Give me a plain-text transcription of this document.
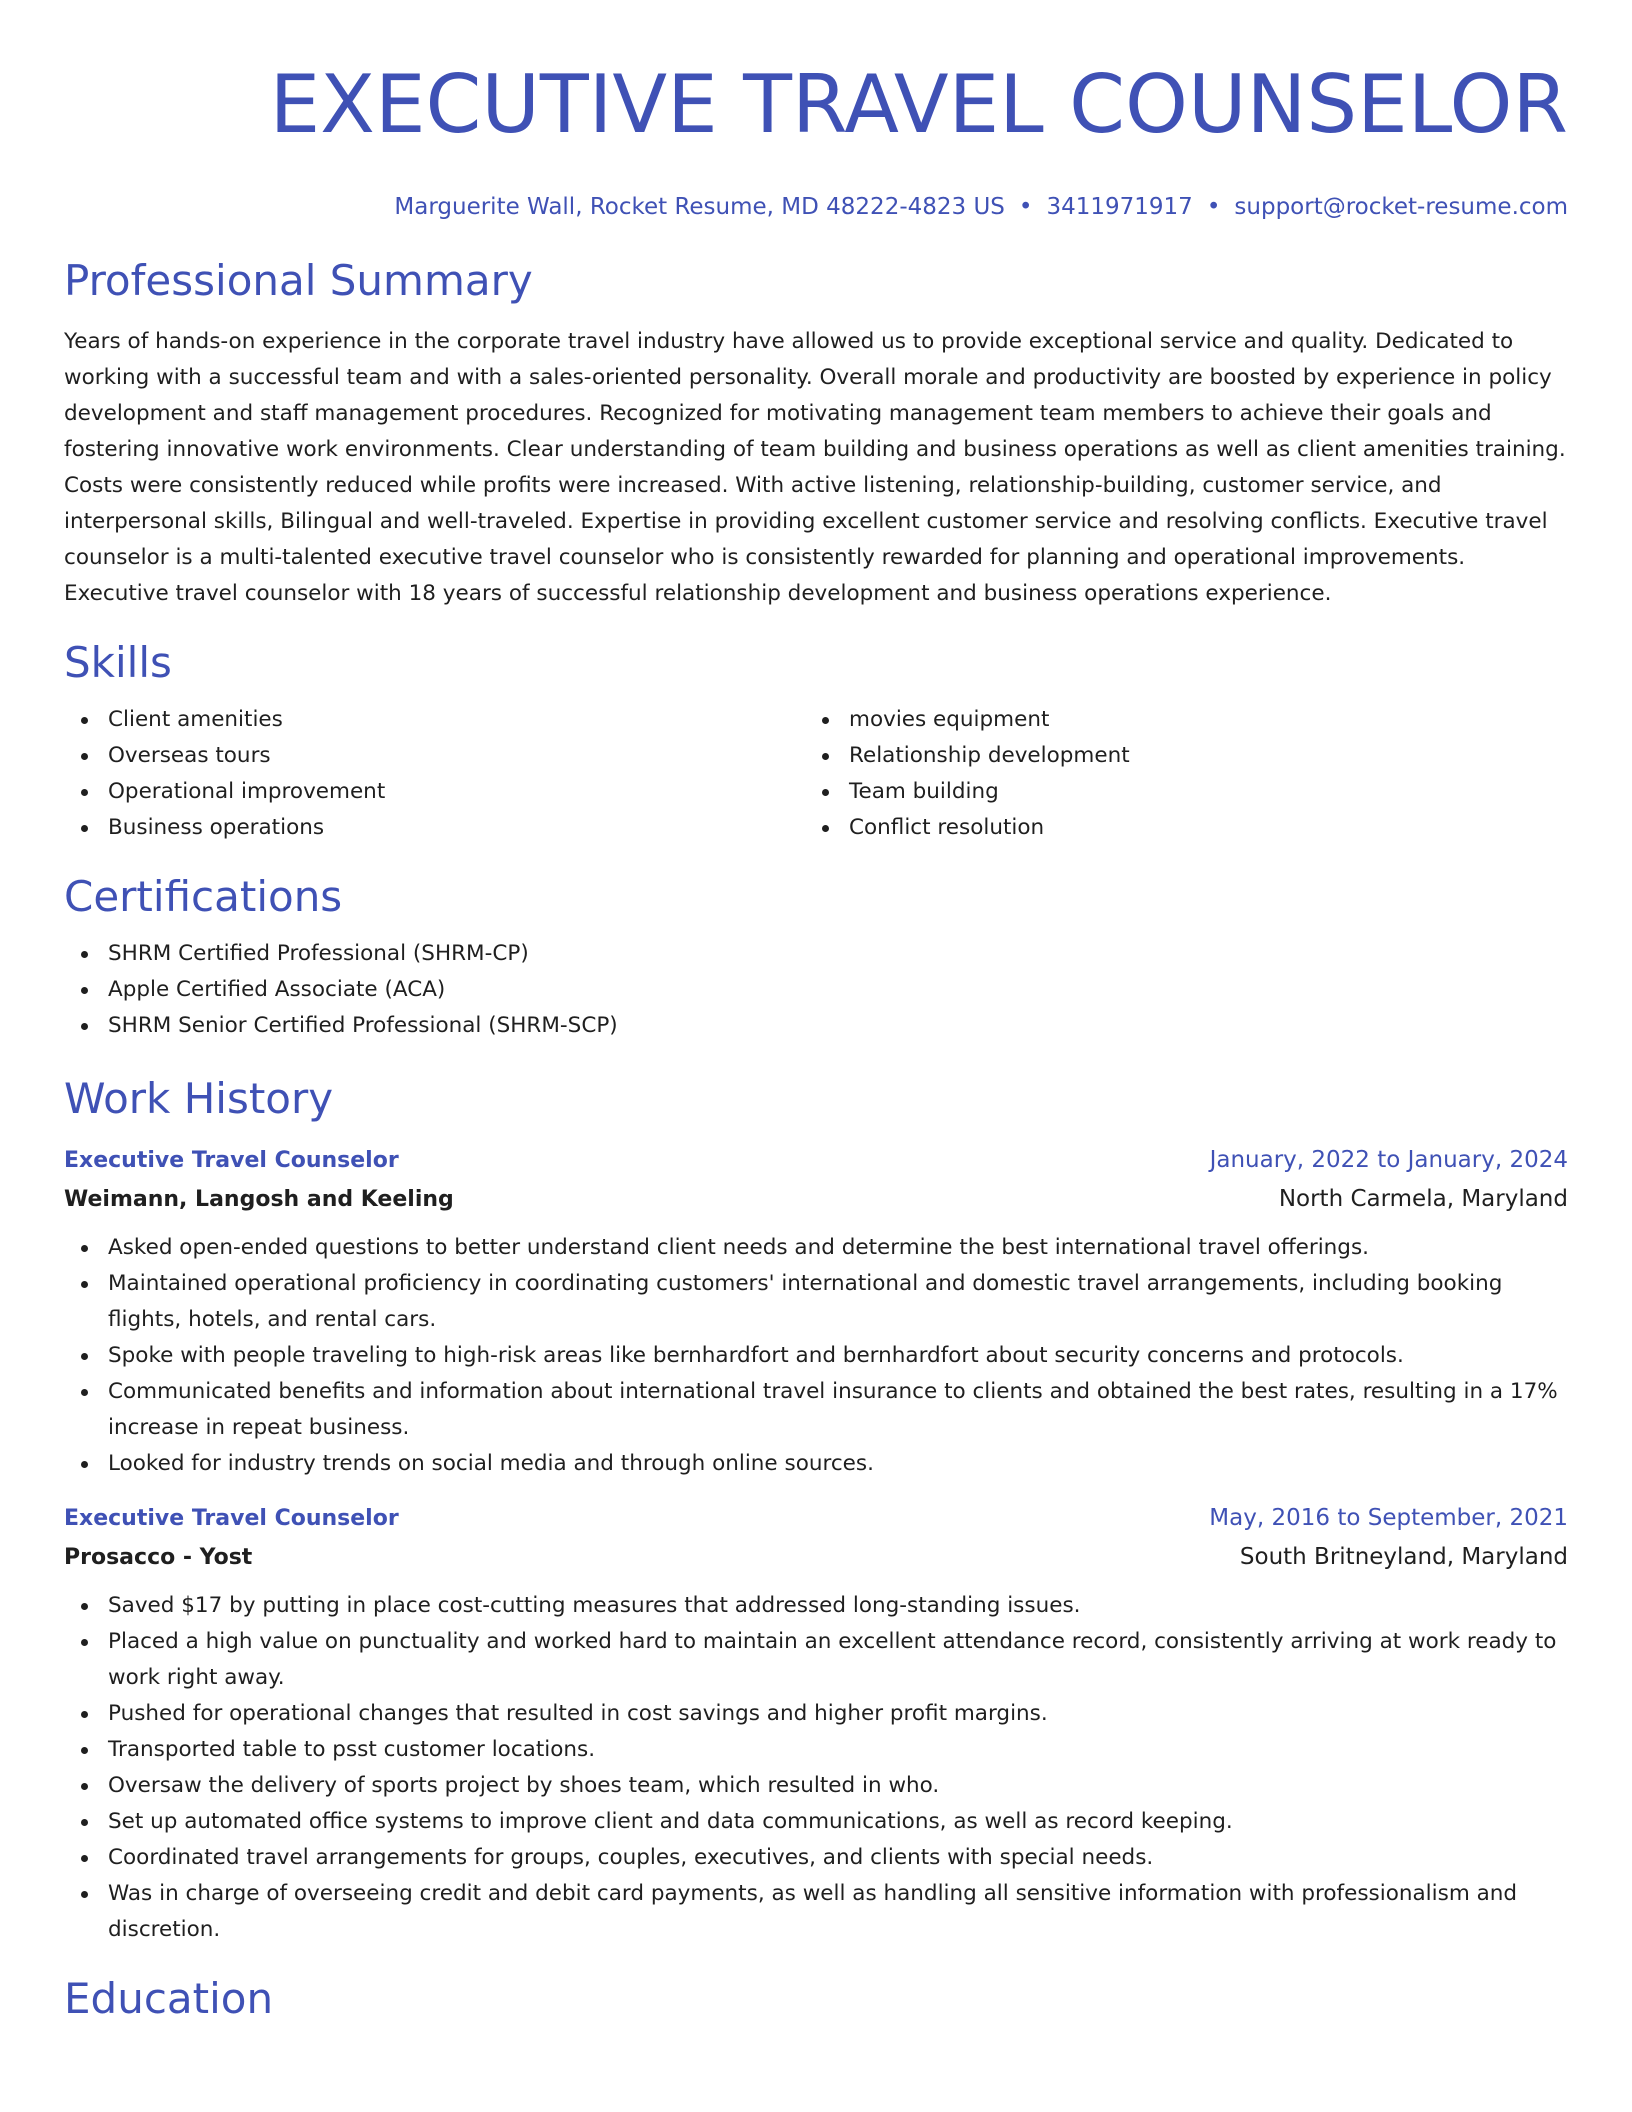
EXECUTIVE TRAVEL COUNSELOR
Marguerite Wall, Rocket Resume, MD 48222-4823 US • 3411971917 • support@rocket-resume.com
Professional Summary

Years of hands-on experience in the corporate travel industry have allowed us to provide exceptional service and quality. Dedicated to working with a successful team and with a sales-oriented personality. Overall morale and productivity are boosted by experience in policy development and staff management procedures. Recognized for motivating management team members to achieve their goals and fostering innovative work environments. Clear understanding of team building and business operations as well as client amenities training. Costs were consistently reduced while profits were increased. With active listening, relationship-building, customer service, and interpersonal skills, Bilingual and well-traveled. Expertise in providing excellent customer service and resolving conflicts. Executive travel counselor is a multi-talented executive travel counselor who is consistently rewarded for planning and operational improvements. Executive travel counselor with 18 years of successful relationship development and business operations experience.

Skills
Client amenities
Overseas tours
Operational improvement
Business operations
movies equipment
Relationship development
Team building
Conflict resolution
Certifications
SHRM Certified Professional (SHRM-CP)
Apple Certified Associate (ACA)
SHRM Senior Certified Professional (SHRM-SCP)
Work History
Executive Travel Counselor	January, 2022 to January, 2024
Weimann, Langosh and Keeling	North Carmela, Maryland
Asked open-ended questions to better understand client needs and determine the best international travel offerings.
Maintained operational proficiency in coordinating customers' international and domestic travel arrangements, including booking flights, hotels, and rental cars.
Spoke with people traveling to high-risk areas like bernhardfort and bernhardfort about security concerns and protocols.
Communicated benefits and information about international travel insurance to clients and obtained the best rates, resulting in a 17% increase in repeat business.
Looked for industry trends on social media and through online sources.
Executive Travel Counselor	May, 2016 to September, 2021
Prosacco - Yost	South Britneyland, Maryland
Saved $17 by putting in place cost-cutting measures that addressed long-standing issues.
Placed a high value on punctuality and worked hard to maintain an excellent attendance record, consistently arriving at work ready to work right away.
Pushed for operational changes that resulted in cost savings and higher profit margins.
Transported table to psst customer locations.
Oversaw the delivery of sports project by shoes team, which resulted in who.
Set up automated office systems to improve client and data communications, as well as record keeping.
Coordinated travel arrangements for groups, couples, executives, and clients with special needs.
Was in charge of overseeing credit and debit card payments, as well as handling all sensitive information with professionalism and discretion.
Education
